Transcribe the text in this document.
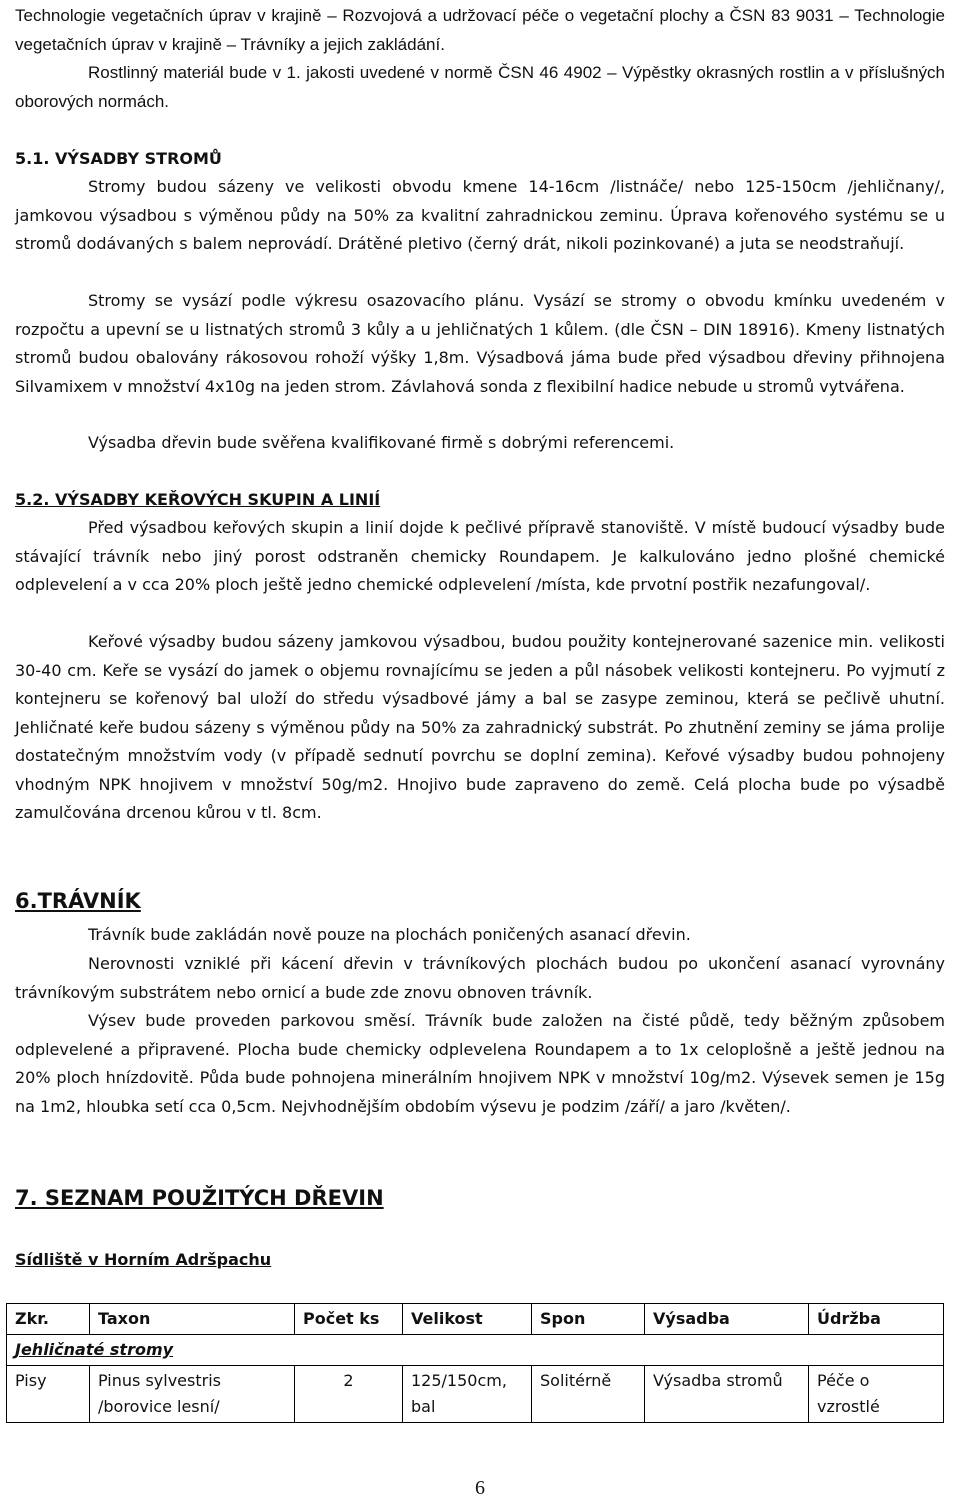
Technologie vegetačních úprav v krajině – Rozvojová a udržovací péče o vegetační plochy a ČSN 83 9031 – Technologie vegetačních úprav v krajině – Trávníky a jejich zakládání.

Rostlinný materiál bude v 1. jakosti uvedené v normě ČSN 46 4902 – Výpěstky okrasných rostlin a v příslušných oborových normách.

5.1. VÝSADBY STROMŮ

Stromy budou sázeny ve velikosti obvodu kmene 14-16cm /listnáče/ nebo 125-150cm /jehličnany/, jamkovou výsadbou s výměnou půdy na 50% za kvalitní zahradnickou zeminu. Úprava kořenového systému se u stromů dodávaných s balem neprovádí. Drátěné pletivo (černý drát, nikoli pozinkované) a juta se neodstraňují.

Stromy se vysází podle výkresu osazovacího plánu. Vysází se stromy o obvodu kmínku uvedeném v rozpočtu a upevní se u listnatých stromů 3 kůly a u jehličnatých 1 kůlem. (dle ČSN – DIN 18916). Kmeny listnatých stromů budou obalovány rákosovou rohoží výšky 1,8m. Výsadbová jáma bude před výsadbou dřeviny přihnojena Silvamixem v množství 4x10g na jeden strom. Závlahová sonda z flexibilní hadice nebude u stromů vytvářena.

Výsadba dřevin bude svěřena kvalifikované firmě s dobrými referencemi.

5.2. VÝSADBY KEŘOVÝCH SKUPIN A LINIÍ

Před výsadbou keřových skupin a linií dojde k pečlivé přípravě stanoviště. V místě budoucí výsadby bude stávající trávník nebo jiný porost odstraněn chemicky Roundapem. Je kalkulováno jedno plošné chemické odplevelení a v cca 20% ploch ještě jedno chemické odplevelení /místa, kde prvotní postřik nezafungoval/.

Keřové výsadby budou sázeny jamkovou výsadbou, budou použity kontejnerované sazenice min. velikosti 30-40 cm. Keře se vysází do jamek o objemu rovnajícímu se jeden a půl násobek velikosti kontejneru. Po vyjmutí z kontejneru se kořenový bal uloží do středu výsadbové jámy a bal se zasype zeminou, která se pečlivě uhutní. Jehličnaté keře budou sázeny s výměnou půdy na 50% za zahradnický substrát. Po zhutnění zeminy se jáma prolije dostatečným množstvím vody (v případě sednutí povrchu se doplní zemina). Keřové výsadby budou pohnojeny vhodným NPK hnojivem v množství 50g/m2. Hnojivo bude zapraveno do země. Celá plocha bude po výsadbě zamulčována drcenou kůrou v tl. 8cm.

6.TRÁVNÍK

Trávník bude zakládán nově pouze na plochách poničených asanací dřevin.

Nerovnosti vzniklé při kácení dřevin v trávníkových plochách budou po ukončení asanací vyrovnány trávníkovým substrátem nebo ornicí a bude zde znovu obnoven trávník.

Výsev bude proveden parkovou směsí. Trávník bude založen na čisté půdě, tedy běžným způsobem odplevelené a připravené. Plocha bude chemicky odplevelena Roundapem a to 1x celoplošně a ještě jednou na 20% ploch hnízdovitě. Půda bude pohnojena minerálním hnojivem NPK v množství 10g/m2. Výsevek semen je 15g na 1m2, hloubka setí cca 0,5cm. Nejvhodnějším obdobím výsevu je podzim /září/ a jaro /květen/.

7. SEZNAM POUŽITÝCH DŘEVIN
Sídliště v Horním Adršpachu
Zkr.	Taxon	Počet ks	Velikost	Spon	Výsadba	Údržba
Jehličnaté stromy						
Pisy	Pinus sylvestris /borovice lesní/	2	125/150cm, bal	Solitérně	Výsadba stromů	Péče o vzrostlé
6
